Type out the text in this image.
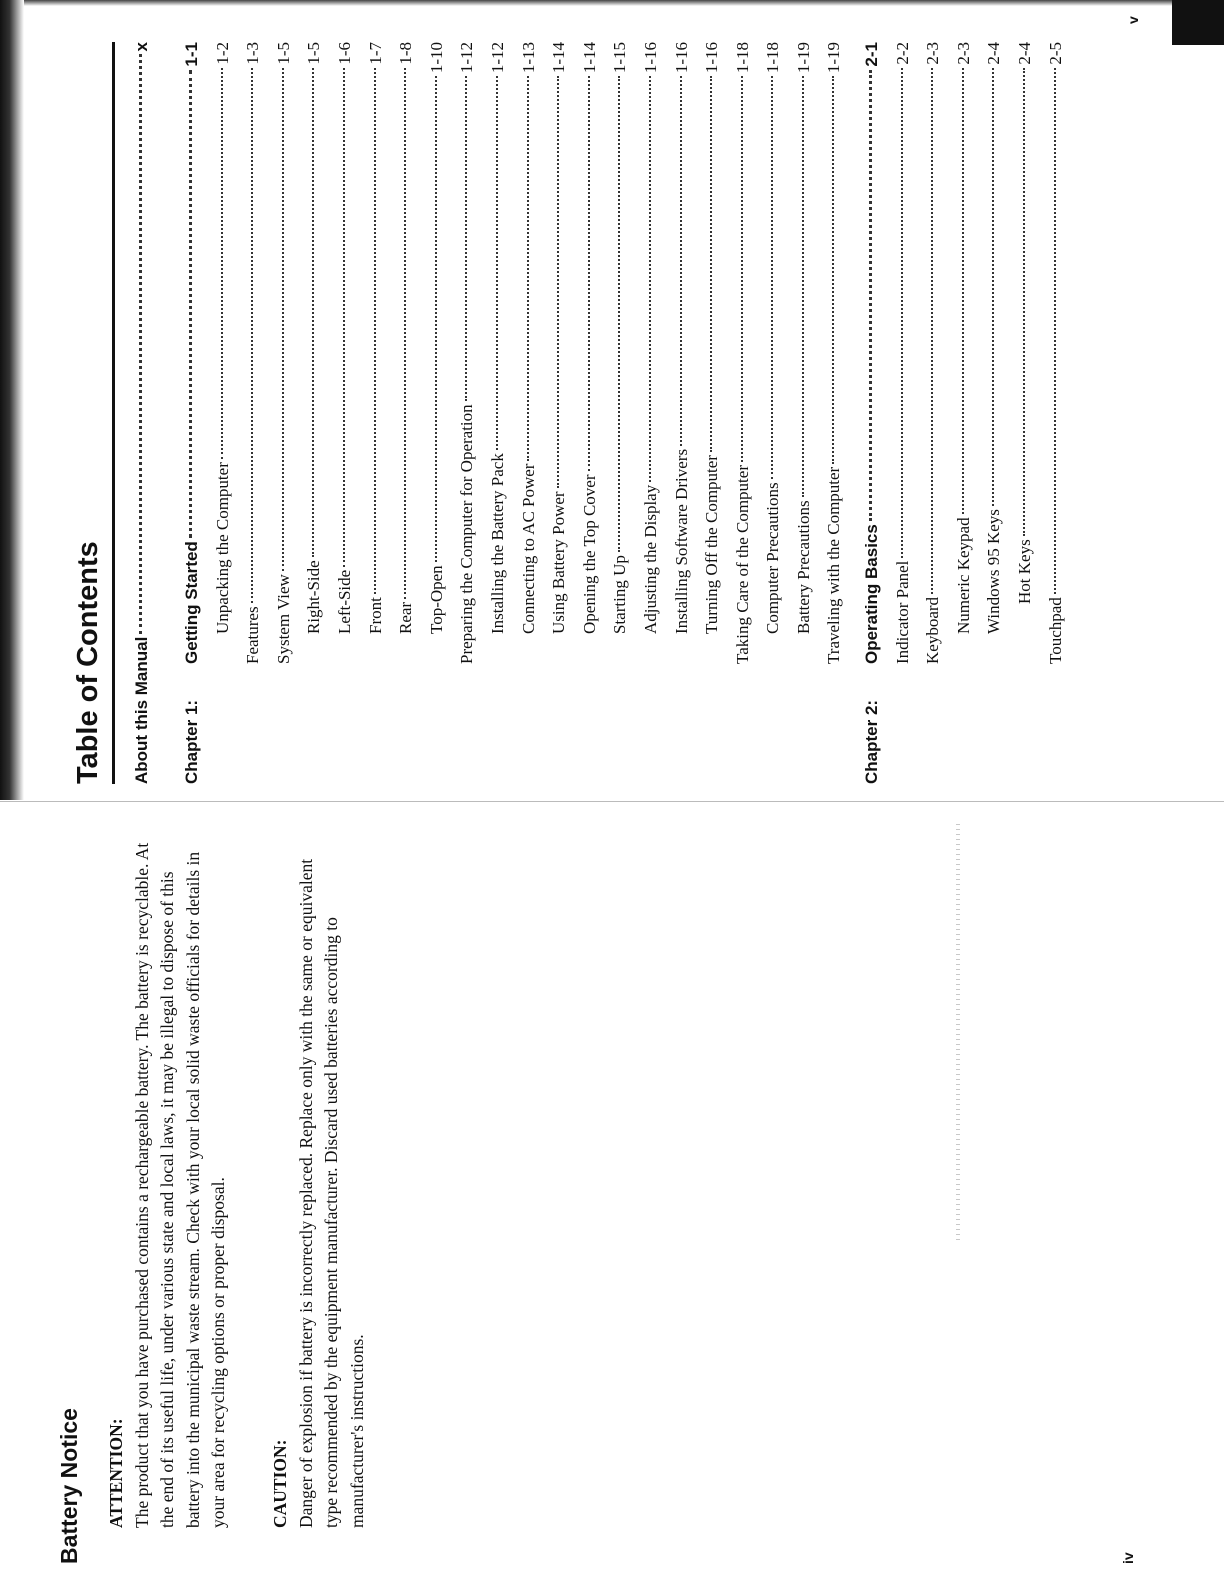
Battery Notice ATTENTION: The product that you have purchased contains a rechargeable battery. The battery is recyclable. At the end of its useful life, under various state and local laws, it may be illegal to dispose of this battery into the municipal waste stream. Check with your local solid waste officials for details in your area for recycling options or proper disposal. CAUTION: Danger of explosion if battery is incorrectly replaced. Replace only with the same or equivalent type recommended by the equipment manufacturer. Discard used batteries according to manufacturer's instructions.

iv
Table of Contents About this Manual
x
Chapter 1:
Getting Started
1-1
Unpacking the Computer
1-2
Features
1-3
System View
1-5
Right-Side
1-5
Left-Side
1-6
Front
1-7
Rear
1-8
Top-Open
1-10
Preparing the Computer for Operation
1-12
Installing the Battery Pack
1-12
Connecting to AC Power
1-13
Using Battery Power
1-14
Opening the Top Cover
1-14
Starting Up
1-15
Adjusting the Display
1-16
Installing Software Drivers
1-16
Turning Off the Computer
1-16
Taking Care of the Computer
1-18
Computer Precautions
1-18
Battery Precautions
1-19
Traveling with the Computer
1-19
Chapter 2:
Operating Basics
2-1
Indicator Panel
2-2
Keyboard
2-3
Numeric Keypad
2-3
Windows 95 Keys
2-4
Hot Keys
2-4
Touchpad
2-5
v
